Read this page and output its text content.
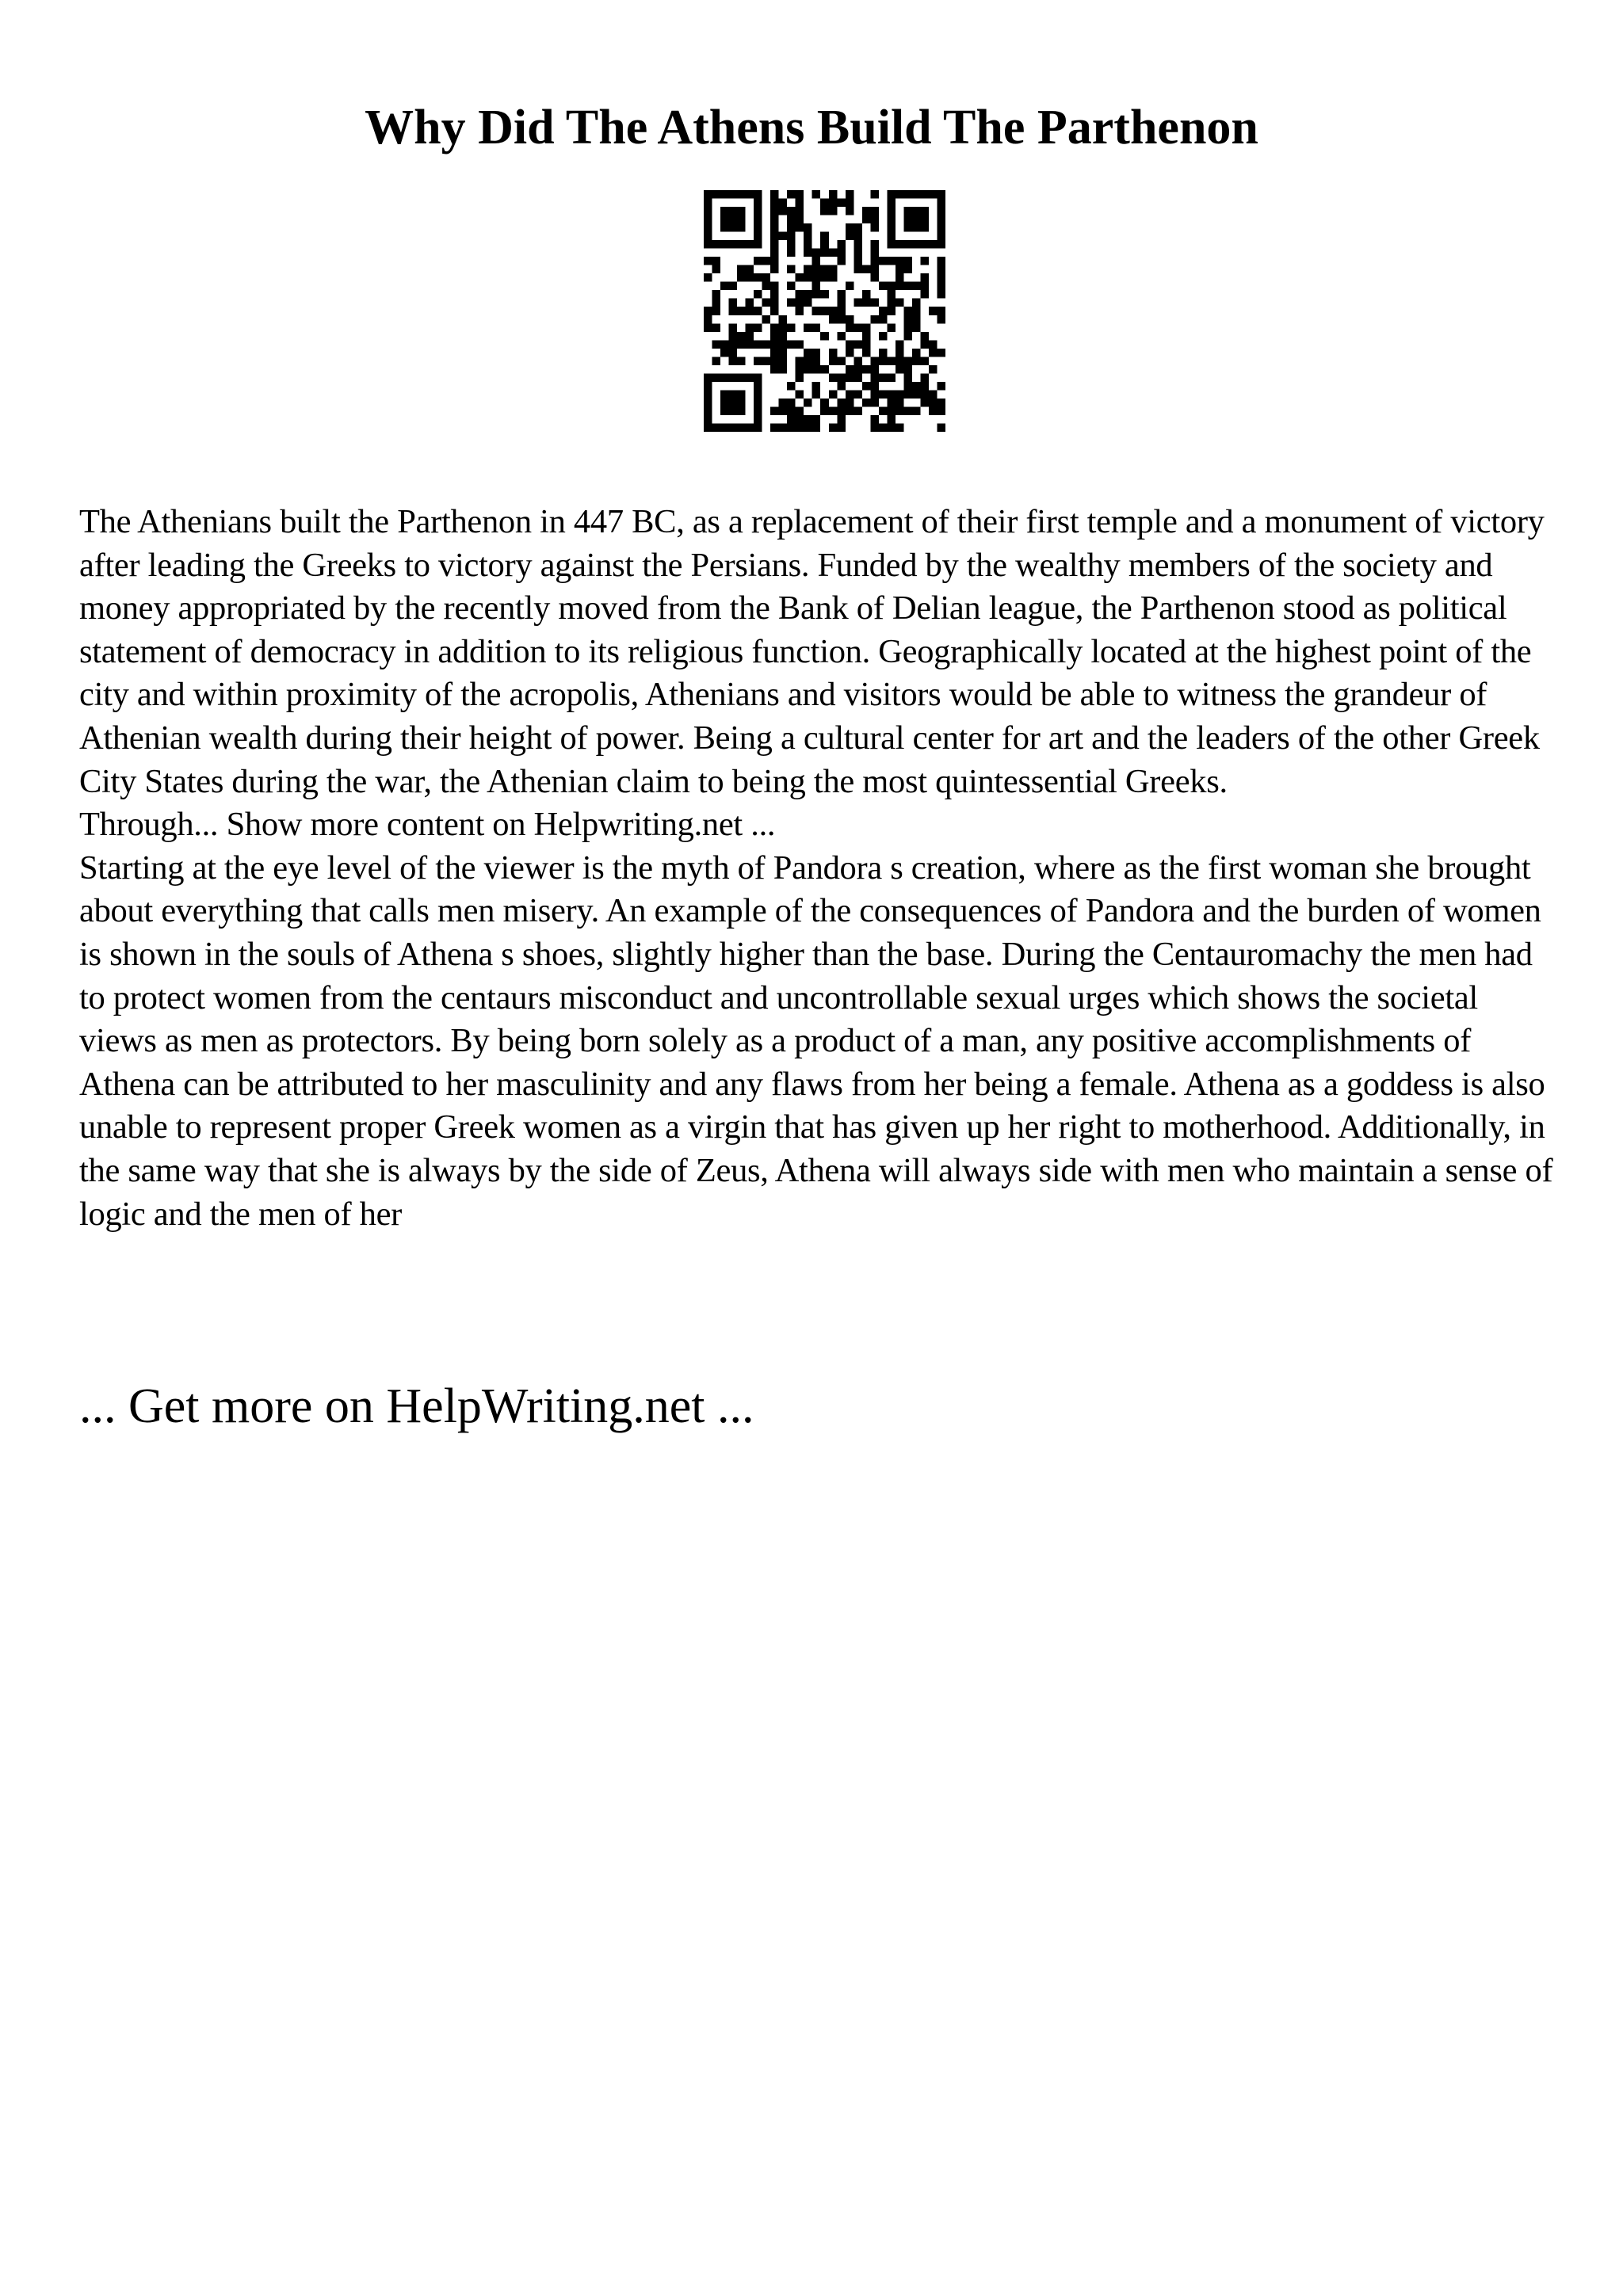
Why Did The Athens Build The Parthenon

The Athenians built the Parthenon in 447 BC, as a replacement of their first temple and a monument of victory after leading the Greeks to victory against the Persians. Funded by the wealthy members of the society and money appropriated by the recently moved from the Bank of Delian league, the Parthenon stood as political statement of democracy in addition to its religious function. Geographically located at the highest point of the city and within proximity of the acropolis, Athenians and visitors would be able to witness the grandeur of Athenian wealth during their height of power. Being a cultural center for art and the leaders of the other Greek City States during the war, the Athenian claim to being the most quintessential Greeks. Through... Show more content on Helpwriting.net ...

Starting at the eye level of the viewer is the myth of Pandora s creation, where as the first woman she brought about everything that calls men misery. An example of the consequences of Pandora and the burden of women is shown in the souls of Athena s shoes, slightly higher than the base. During the Centauromachy the men had to protect women from the centaurs misconduct and uncontrollable sexual urges which shows the societal views as men as protectors. By being born solely as a product of a man, any positive accomplishments of Athena can be attributed to her masculinity and any flaws from her being a female. Athena as a goddess is also unable to represent proper Greek women as a virgin that has given up her right to motherhood. Additionally, in the same way that she is always by the side of Zeus, Athena will always side with men who maintain a sense of logic and the men of her

... Get more on HelpWriting.net ...
